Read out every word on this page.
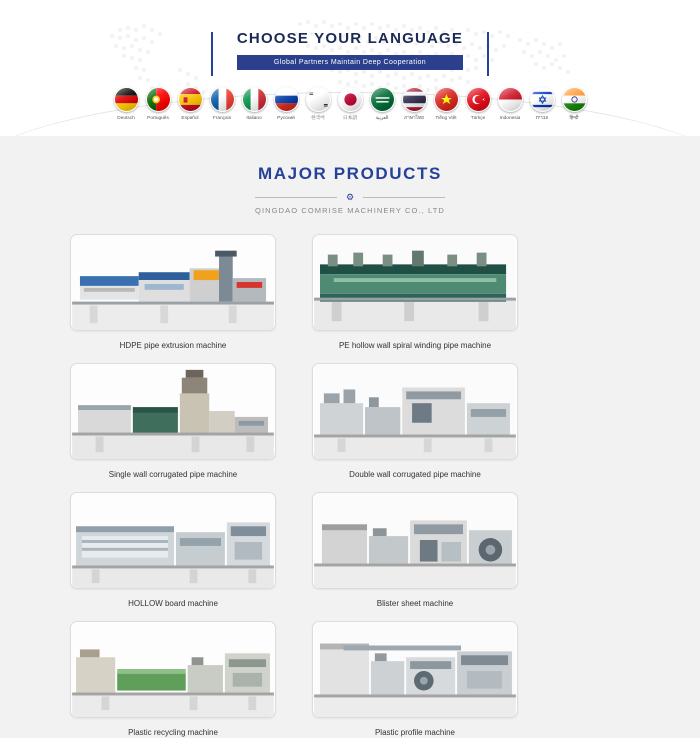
CHOOSE YOUR LANGUAGE
Global Partners Maintain Deep Cooperation
Deutsch	Português	Español	Français	Italiano	Русский	한국어	日本語	العربية	ภาษาไทย	Tiếng Việt	Türkçe	Indonesia	עברית	हिन्दी
MAJOR PRODUCTS
⚙
QINGDAO COMRISE MACHINERY CO., LTD
HDPE pipe extrusion machine	PE hollow wall spiral winding pipe machine
Single wall corrugated pipe machine	Double wall corrugated pipe machine
HOLLOW board machine	Blister sheet machine
Plastic recycling machine	Plastic profile machine
